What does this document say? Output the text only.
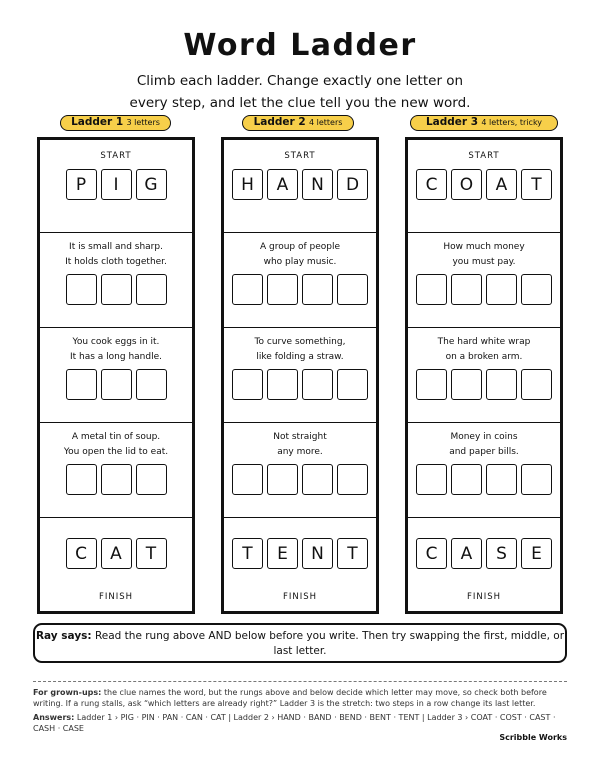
Word Ladder
Climb each ladder. Change exactly one letter on
every step, and let the clue tell you the new word.
Ladder 1 3 letters	Ladder 2 4 letters	Ladder 3 4 letters, tricky
START
P	I	G
It is small and sharp.
It holds cloth together.
You cook eggs in it.
It has a long handle.
A metal tin of soup.
You open the lid to eat.
C	A	T
FINISH
START
H	A	N	D
A group of people
who play music.
To curve something,
like folding a straw.
Not straight
any more.
T	E	N	T
FINISH
START
C	O	A	T
How much money
you must pay.
The hard white wrap
on a broken arm.
Money in coins
and paper bills.
C	A	S	E
FINISH
Ray says: Read the rung above AND below before you write. Then try swapping the first, middle, or last letter.

For grown-ups: the clue names the word, but the rungs above and below decide which letter may move, so check both before writing. If a rung stalls, ask “which letters are already right?” Ladder 3 is the stretch: two steps in a row change its last letter.

Answers: Ladder 1 › PIG · PIN · PAN · CAN · CAT | Ladder 2 › HAND · BAND · BEND · BENT · TENT | Ladder 3 › COAT · COST · CAST · CASH · CASE

Scribble Works
